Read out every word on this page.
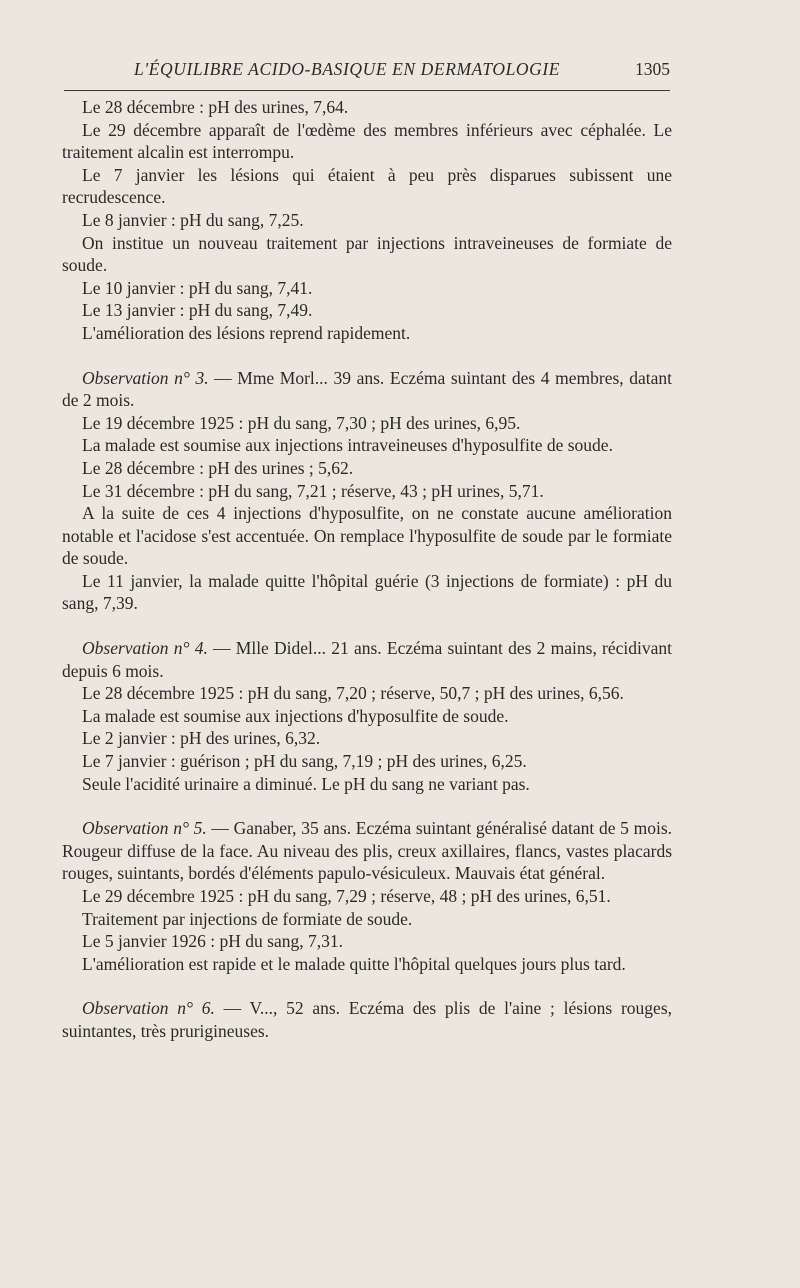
L'ÉQUILIBRE ACIDO-BASIQUE EN DERMATOLOGIE	1305

Le 28 décembre : pH des urines, 7,64.

Le 29 décembre apparaît de l'œdème des membres inférieurs avec céphalée. Le traitement alcalin est interrompu.

Le 7 janvier les lésions qui étaient à peu près disparues subissent une recrudescence.

Le 8 janvier : pH du sang, 7,25.

On institue un nouveau traitement par injections intraveineuses de formiate de soude.

Le 10 janvier : pH du sang, 7,41.

Le 13 janvier : pH du sang, 7,49.

L'amélioration des lésions reprend rapidement.

Observation n° 3. — Mme Morl... 39 ans. Eczéma suintant des 4 membres, datant de 2 mois.

Le 19 décembre 1925 : pH du sang, 7,30 ; pH des urines, 6,95.

La malade est soumise aux injections intraveineuses d'hyposulfite de soude.

Le 28 décembre : pH des urines ; 5,62.

Le 31 décembre : pH du sang, 7,21 ; réserve, 43 ; pH urines, 5,71.

A la suite de ces 4 injections d'hyposulfite, on ne constate aucune amélioration notable et l'acidose s'est accentuée. On remplace l'hyposulfite de soude par le formiate de soude.

Le 11 janvier, la malade quitte l'hôpital guérie (3 injections de formiate) : pH du sang, 7,39.

Observation n° 4. — Mlle Didel... 21 ans. Eczéma suintant des 2 mains, récidivant depuis 6 mois.

Le 28 décembre 1925 : pH du sang, 7,20 ; réserve, 50,7 ; pH des urines, 6,56.

La malade est soumise aux injections d'hyposulfite de soude.

Le 2 janvier : pH des urines, 6,32.

Le 7 janvier : guérison ; pH du sang, 7,19 ; pH des urines, 6,25.

Seule l'acidité urinaire a diminué. Le pH du sang ne variant pas.

Observation n° 5. — Ganaber, 35 ans. Eczéma suintant généralisé datant de 5 mois. Rougeur diffuse de la face. Au niveau des plis, creux axillaires, flancs, vastes placards rouges, suintants, bordés d'éléments papulo-vésiculeux. Mauvais état général.

Le 29 décembre 1925 : pH du sang, 7,29 ; réserve, 48 ; pH des urines, 6,51.

Traitement par injections de formiate de soude.

Le 5 janvier 1926 : pH du sang, 7,31.

L'amélioration est rapide et le malade quitte l'hôpital quelques jours plus tard.

Observation n° 6. — V..., 52 ans. Eczéma des plis de l'aine ; lésions rouges, suintantes, très prurigineuses.
